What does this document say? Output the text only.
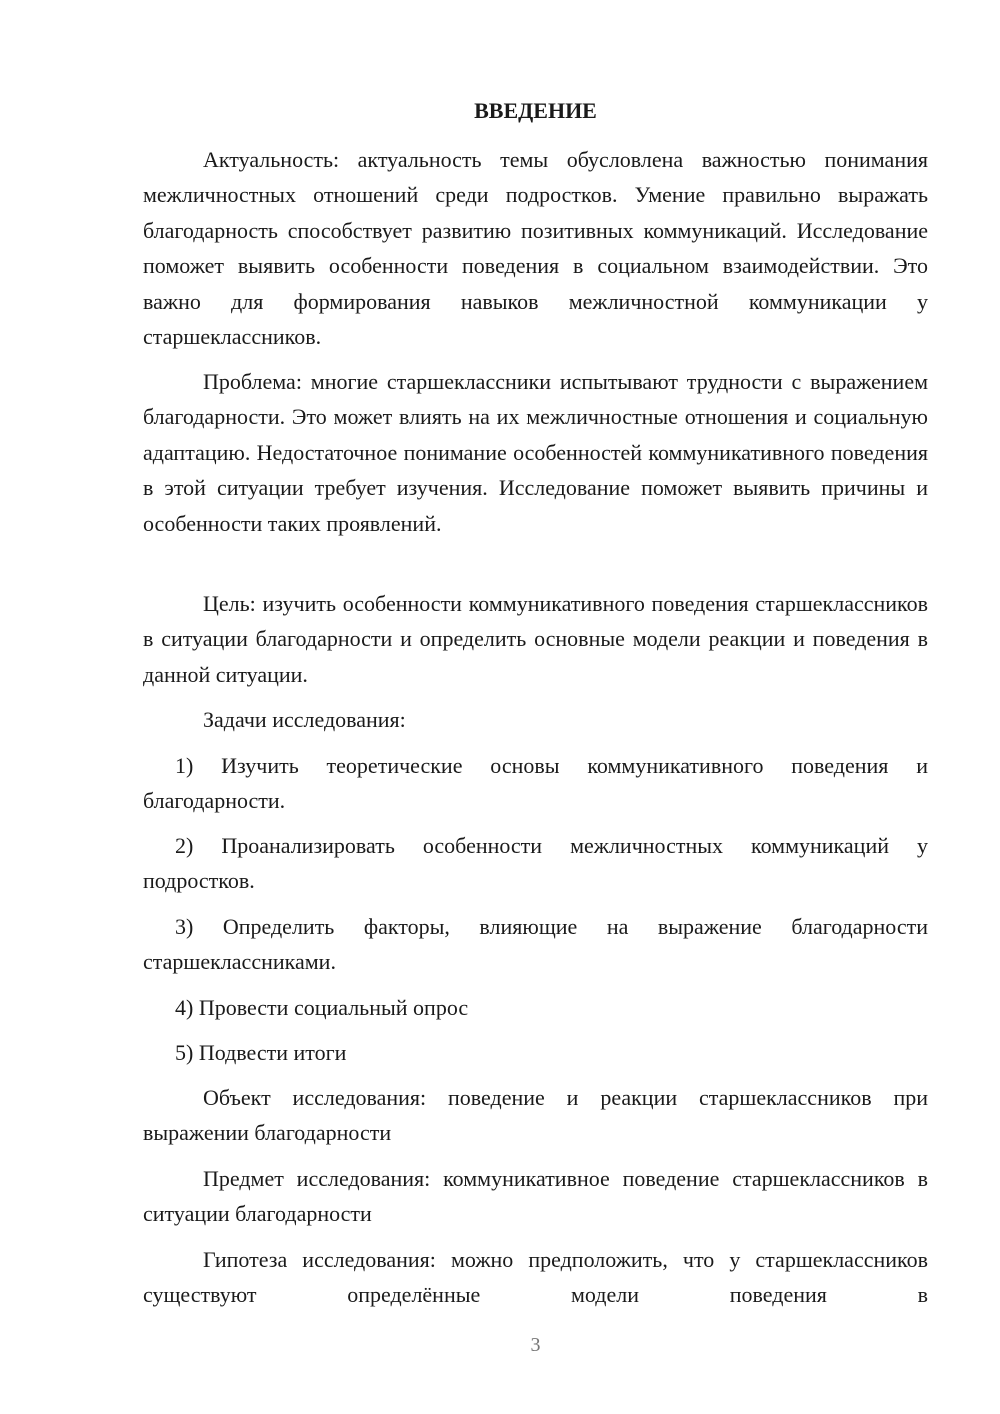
ВВЕДЕНИЕ

Актуальность: актуальность темы обусловлена важностью понимания межличностных отношений среди подростков. Умение правильно выражать благодарность способствует развитию позитивных коммуникаций. Исследование поможет выявить особенности поведения в социальном взаимодействии. Это важно для формирования навыков межличностной коммуникации у старшеклассников.

Проблема: многие старшеклассники испытывают трудности с выражением благодарности. Это может влиять на их межличностные отношения и социальную адаптацию. Недостаточное понимание особенностей коммуникативного поведения в этой ситуации требует изучения. Исследование поможет выявить причины и особенности таких проявлений.

Цель: изучить особенности коммуникативного поведения старшеклассников в ситуации благодарности и определить основные модели реакции и поведения в данной ситуации.

Задачи исследования:

1) Изучить теоретические основы коммуникативного поведения и благодарности.

2) Проанализировать особенности межличностных коммуникаций у подростков.

3) Определить факторы, влияющие на выражение благодарности старшеклассниками.

4) Провести социальный опрос

5) Подвести итоги

Объект исследования: поведение и реакции старшеклассников при выражении благодарности

Предмет исследования: коммуникативное поведение старшеклассников в ситуации благодарности

Гипотеза исследования: можно предположить, что у старшеклассников существуют определённые модели поведения в

3
